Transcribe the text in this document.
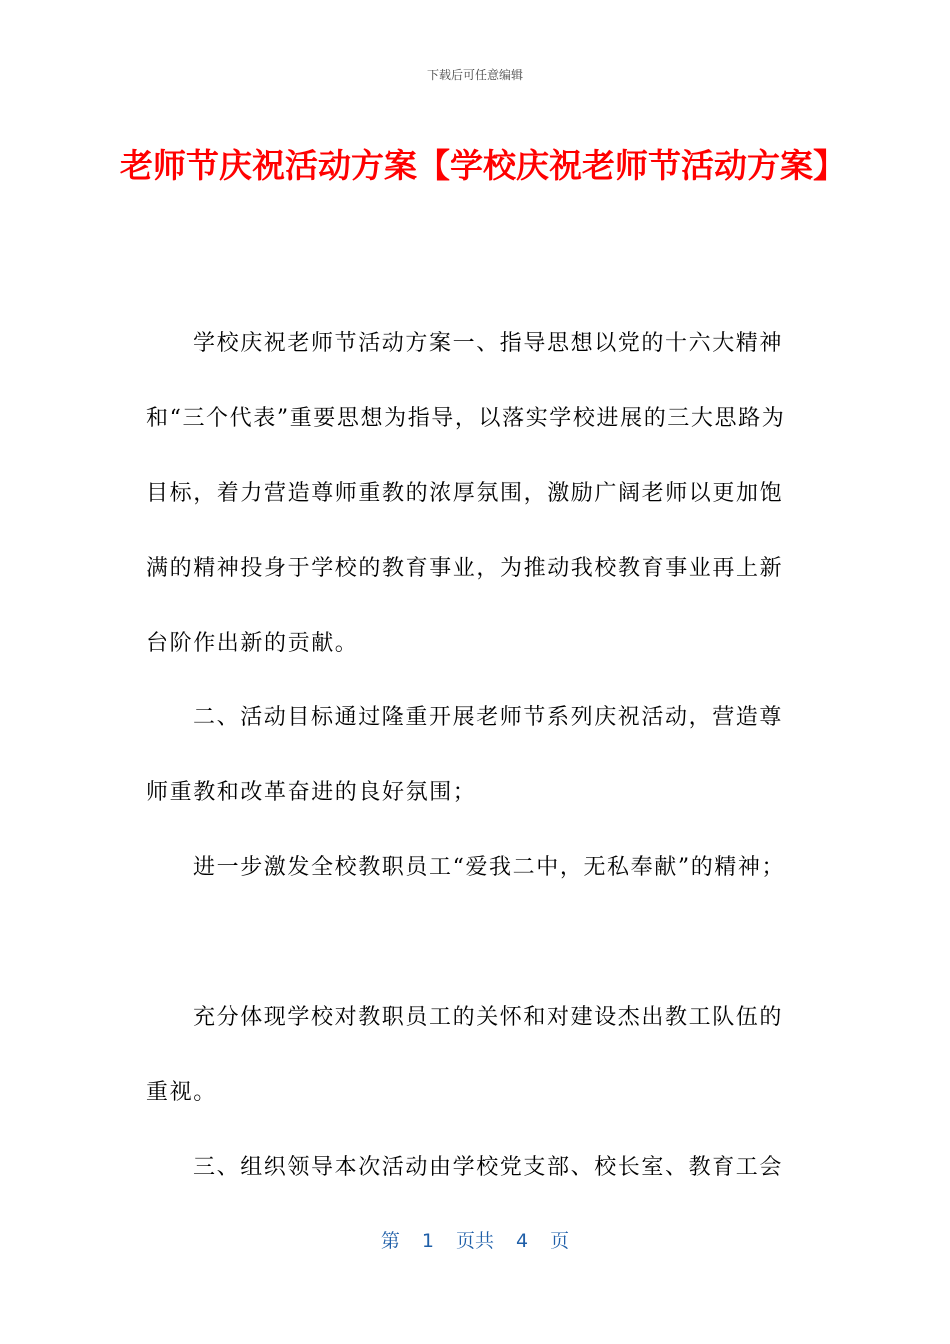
下载后可任意编辑
老师节庆祝活动方案【学校庆祝老师节活动方案】

学校庆祝老师节活动方案一、指导思想以党的十六大精神和“三个代表”重要思想为指导，以落实学校进展的三大思路为目标，着力营造尊师重教的浓厚氛围，激励广阔老师以更加饱满的精神投身于学校的教育事业，为推动我校教育事业再上新台阶作出新的贡献。

二、活动目标通过隆重开展老师节系列庆祝活动，营造尊师重教和改革奋进的良好氛围；

进一步激发全校教职员工“爱我二中，无私奉献”的精神；

充分体现学校对教职员工的关怀和对建设杰出教工队伍的重视。

三、组织领导本次活动由学校党支部、校长室、教育工会

第 1 页共 4 页
